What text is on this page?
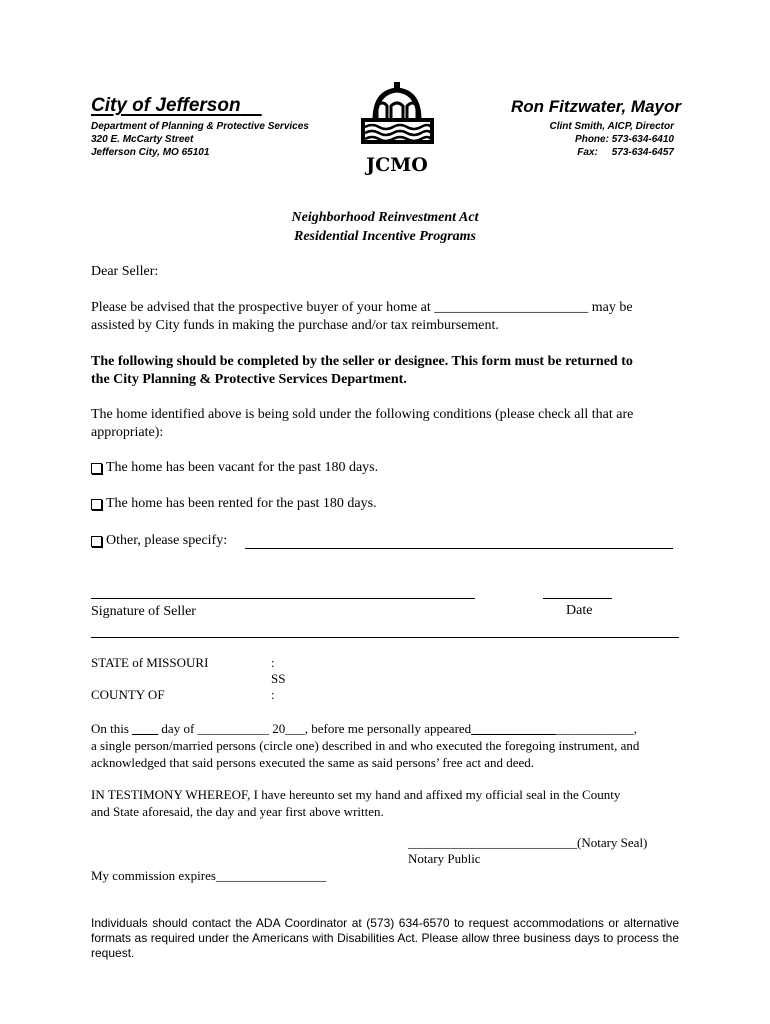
City of Jefferson
Department of Planning & Protective Services
320 E. McCarty Street
Jefferson City, MO 65101
JCMO
Ron Fitzwater, Mayor
Clint Smith, AICP, Director
Phone: 573-634-6410
Fax: 573-634-6457
Neighborhood Reinvestment Act
Residential Incentive Programs
Dear Seller:
Please be advised that the prospective buyer of your home at ______________________ may be
assisted by City funds in making the purchase and/or tax reimbursement.
The following should be completed by the seller or designee. This form must be returned to
the City Planning & Protective Services Department.
The home identified above is being sold under the following conditions (please check all that are
appropriate):
The home has been vacant for the past 180 days.
The home has been rented for the past 180 days.
Other, please specify:
Signature of Seller	Date
STATE of MISSOURI	:
SS
COUNTY OF	:
On this ____ day of ___________ 20___, before me personally appeared_________________________,
a single person/married persons (circle one) described in and who executed the foregoing instrument, and
acknowledged that said persons executed the same as said persons’ free act and deed.
IN TESTIMONY WHEREOF, I have hereunto set my hand and affixed my official seal in the County
and State aforesaid, the day and year first above written.
__________________________(Notary Seal)
Notary Public
My commission expires_________________
Individuals should contact the ADA Coordinator at (573) 634-6570 to request accommodations or alternative formats as required under the Americans with Disabilities Act. Please allow three business days to process the request.
